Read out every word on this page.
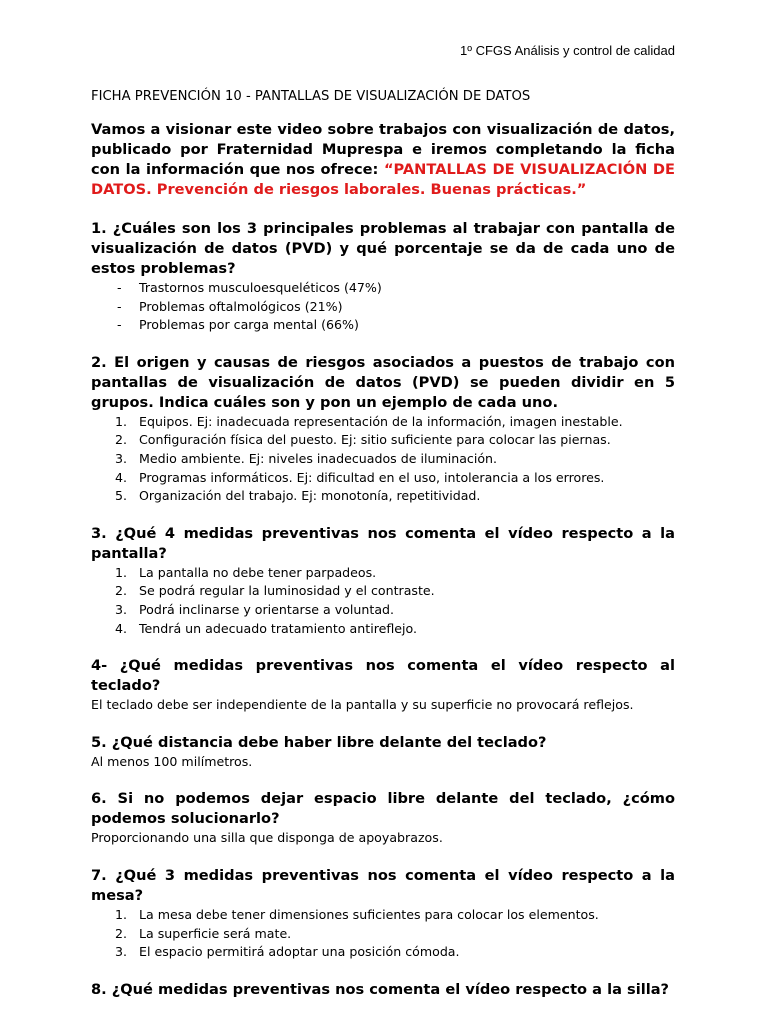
1º CFGS Análisis y control de calidad

FICHA PREVENCIÓN 10 - PANTALLAS DE VISUALIZACIÓN DE DATOS

Vamos a visionar este video sobre trabajos con visualización de datos, publicado por Fraternidad Muprespa e iremos completando la ficha con la información que nos ofrece: “PANTALLAS DE VISUALIZACIÓN DE DATOS. Prevención de riesgos laborales. Buenas prácticas.”

1. ¿Cuáles son los 3 principales problemas al trabajar con pantalla de visualización de datos (PVD) y qué porcentaje se da de cada uno de estos problemas?

- Trastornos musculoesqueléticos (47%)
- Problemas oftalmológicos (21%)
- Problemas por carga mental (66%)

2. El origen y causas de riesgos asociados a puestos de trabajo con pantallas de visualización de datos (PVD) se pueden dividir en 5 grupos. Indica cuáles son y pon un ejemplo de cada uno.

1. Equipos. Ej: inadecuada representación de la información, imagen inestable.
2. Configuración física del puesto. Ej: sitio suficiente para colocar las piernas.
3. Medio ambiente. Ej: niveles inadecuados de iluminación.
4. Programas informáticos. Ej: dificultad en el uso, intolerancia a los errores.
5. Organización del trabajo. Ej: monotonía, repetitividad.

3. ¿Qué 4 medidas preventivas nos comenta el vídeo respecto a la pantalla?

1. La pantalla no debe tener parpadeos.
2. Se podrá regular la luminosidad y el contraste.
3. Podrá inclinarse y orientarse a voluntad.
4. Tendrá un adecuado tratamiento antireflejo.

4- ¿Qué medidas preventivas nos comenta el vídeo respecto al teclado?

El teclado debe ser independiente de la pantalla y su superficie no provocará reflejos.

5. ¿Qué distancia debe haber libre delante del teclado?

Al menos 100 milímetros.

6. Si no podemos dejar espacio libre delante del teclado, ¿cómo podemos solucionarlo?

Proporcionando una silla que disponga de apoyabrazos.

7. ¿Qué 3 medidas preventivas nos comenta el vídeo respecto a la mesa?

1. La mesa debe tener dimensiones suficientes para colocar los elementos.
2. La superficie será mate.
3. El espacio permitirá adoptar una posición cómoda.

8. ¿Qué medidas preventivas nos comenta el vídeo respecto a la silla?
